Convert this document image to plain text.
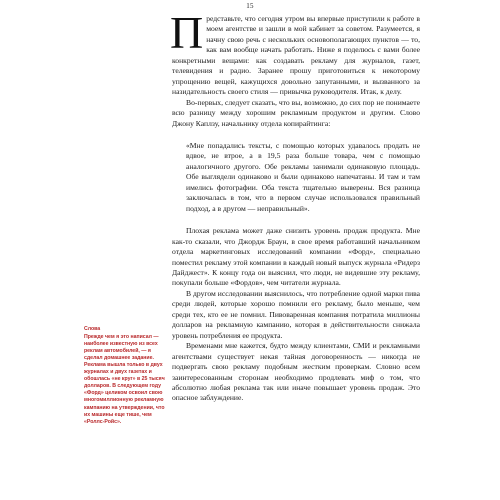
15

Представьте, что сегодня утром вы впервые приступили к работе в моем агентстве и зашли в мой кабинет за советом. Разумеется, я начну свою речь с нескольких основополагающих пунктов — то, как вам вообще начать работать. Ниже я поделюсь с вами более конкретными вещами: как создавать рекламу для журналов, газет, телевидения и радио. Заранее прошу приготовиться к некоторому упрощению вещей, кажущихся довольно запутанными, и вызванного за назидательность своего стиля — привычка руководителя. Итак, к делу.

Во-первых, следует сказать, что вы, возможно, до сих пор не понимаете всю разницу между хорошим рекламным продуктом и другим. Слово Джону Каплзу, начальнику отдела копирайтинга:

«Мне попадались тексты, с помощью которых удавалось продать не вдвое, не втрое, а в 19,5 раза больше товара, чем с помощью аналогичного другого. Обе рекламы занимали одинаковую площадь. Обе выглядели одинаково и были одинаково напечатаны. И там и там имелись фотографии. Оба текста тщательно выверены. Вся разница заключалась в том, что в первом случае использовался правильный подход, а в другом — неправильный».

Плохая реклама может даже снизить уровень продаж продукта. Мне как-то сказали, что Джордж Браун, в свое время работавший начальником отдела маркетинговых исследований компании «Форд», специально поместил рекламу этой компании в каждый новый выпуск журнала «Ридерз Дайджест». К концу года он выяснил, что люди, не видевшие эту рекламу, покупали больше «Фордов», чем читатели журнала.

В другом исследовании выяснилось, что потребление одной марки пива среди людей, которые хорошо помнили его рекламу, было меньше, чем среди тех, кто ее не помнил. Пивоваренная компания потратила миллионы долларов на рекламную кампанию, которая в действительности снижала уровень потребления ее продукта.

Временами мне кажется, будто между клиентами, СМИ и рекламными агентствами существует некая тайная договоренность — никогда не подвергать свою рекламу подобным жестким проверкам. Словно всем заинтересованным сторонам необходимо продлевать миф о том, что абсолютно любая реклама так или иначе повышает уровень продаж. Это опасное заблуждение.

Слова
Прежде чем я это написал — наиболее известную из всех реклам автомобилей, — я сделал домашнее задание. Реклама вышла только в двух журналах и двух газетах и обошлась «не круг» в 25 тысяч долларов. В следующем году «Форд» целиком освоил свою многомиллионную рекламную кампанию на утверждении, что их машины еще тише, чем «Роллс-Ройс».
